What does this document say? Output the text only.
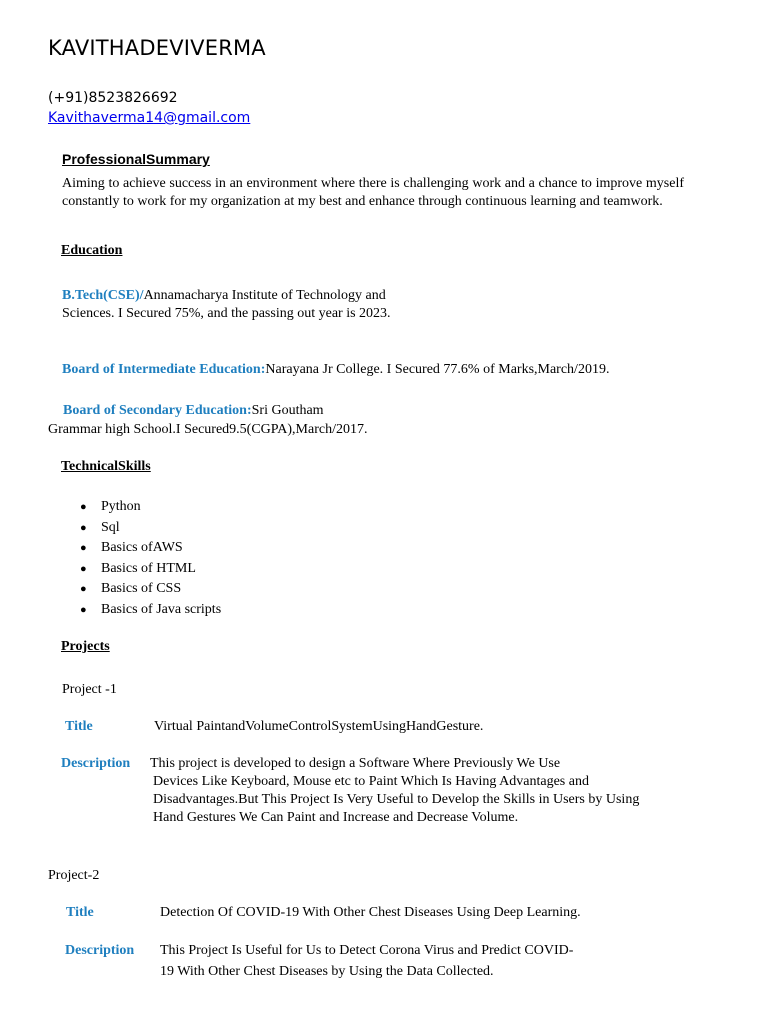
KAVITHADEVIVERMA
(+91)8523826692
Kavithaverma14@gmail.com
ProfessionalSummary
Aiming to achieve success in an environment where there is challenging work and a chance to improve myself constantly to work for my organization at my best and enhance through continuous learning and teamwork.
Education
B.Tech(CSE)/Annamacharya Institute of Technology and Sciences. I Secured 75%, and the passing out year is 2023.
Board of Intermediate Education:Narayana Jr College. I Secured 77.6% of Marks,March/2019.
Board of Secondary Education:Sri Goutham
Grammar high School.I Secured9.5(CGPA),March/2017.
TechnicalSkills
● Python
● Sql
● Basics ofAWS
● Basics of HTML
● Basics of CSS
● Basics of Java scripts
Projects
Project -1
Title	Virtual PaintandVolumeControlSystemUsingHandGesture.
Description This project is developed to design a Software Where Previously We Use
Devices Like Keyboard, Mouse etc to Paint Which Is Having Advantages and Disadvantages.But This Project Is Very Useful to Develop the Skills in Users by Using Hand Gestures We Can Paint and Increase and Decrease Volume.
Project-2
Title	Detection Of COVID-19 With Other Chest Diseases Using Deep Learning.
Description This Project Is Useful for Us to Detect Corona Virus and Predict COVID-
19 With Other Chest Diseases by Using the Data Collected.
